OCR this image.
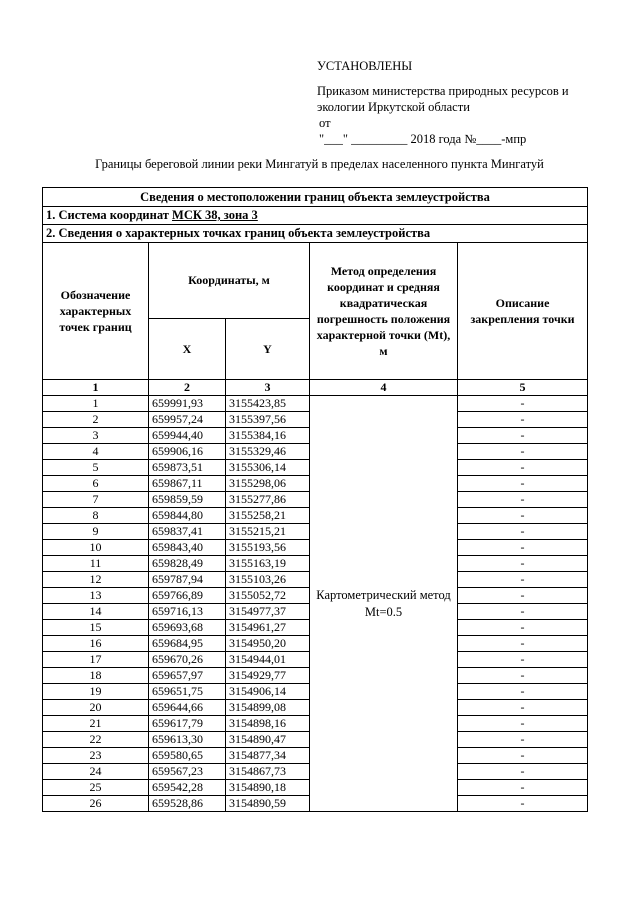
УСТАНОВЛЕНЫ
Приказом министерства природных ресурсов и
экологии Иркутской области
от
"___" _________ 2018 года №____-мпр
Границы береговой линии реки Мингатуй в пределах населенного пункта Мингатуй
Сведения о местоположении границ объекта землеустройства				
1. Система координат МСК 38, зона 3				
2. Сведения о характерных точках границ объекта землеустройства				
Обозначение характерных точек границ	Координаты, м		Метод определения координат и средняя квадратическая погрешность положения характерной точки (Mt), м	Описание закрепления точки
	X	Y		
1	2	3	4	5
1	659991,93	3155423,85	Картометрический метод Mt=0.5	-
2	659957,24	3155397,56		-
3	659944,40	3155384,16		-
4	659906,16	3155329,46		-
5	659873,51	3155306,14		-
6	659867,11	3155298,06		-
7	659859,59	3155277,86		-
8	659844,80	3155258,21		-
9	659837,41	3155215,21		-
10	659843,40	3155193,56		-
11	659828,49	3155163,19		-
12	659787,94	3155103,26		-
13	659766,89	3155052,72		-
14	659716,13	3154977,37		-
15	659693,68	3154961,27		-
16	659684,95	3154950,20		-
17	659670,26	3154944,01		-
18	659657,97	3154929,77		-
19	659651,75	3154906,14		-
20	659644,66	3154899,08		-
21	659617,79	3154898,16		-
22	659613,30	3154890,47		-
23	659580,65	3154877,34		-
24	659567,23	3154867,73		-
25	659542,28	3154890,18		-
26	659528,86	3154890,59		-
